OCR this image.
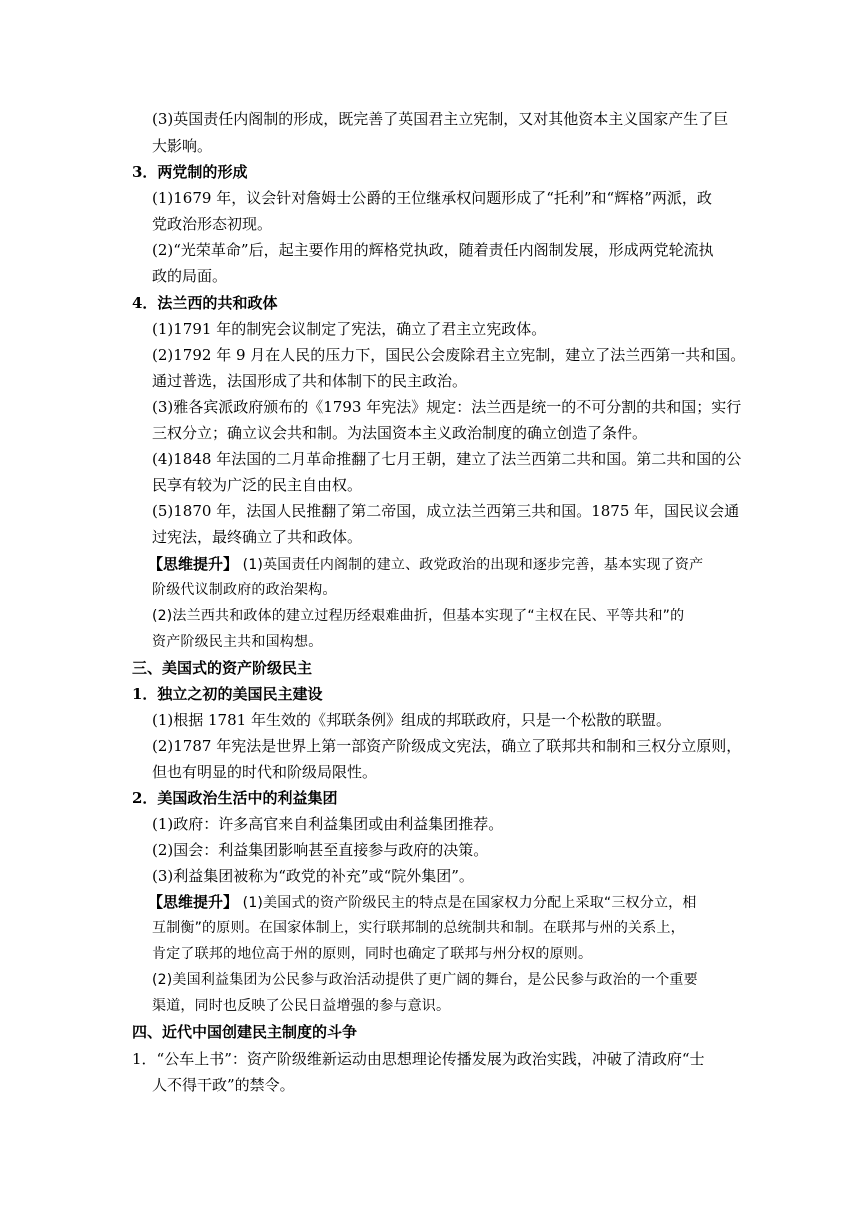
(3)英国责任内阁制的形成，既完善了英国君主立宪制，又对其他资本主义国家产生了巨
大影响。
3．两党制的形成
(1)1679 年，议会针对詹姆士公爵的王位继承权问题形成了“托利”和“辉格”两派，政
党政治形态初现。
(2)“光荣革命”后，起主要作用的辉格党执政，随着责任内阁制发展，形成两党轮流执
政的局面。
4．法兰西的共和政体
(1)1791 年的制宪会议制定了宪法，确立了君主立宪政体。
(2)1792 年 9 月在人民的压力下，国民公会废除君主立宪制，建立了法兰西第一共和国。
通过普选，法国形成了共和体制下的民主政治。
(3)雅各宾派政府颁布的《1793 年宪法》规定：法兰西是统一的不可分割的共和国；实行
三权分立；确立议会共和制。为法国资本主义政治制度的确立创造了条件。
(4)1848 年法国的二月革命推翻了七月王朝，建立了法兰西第二共和国。第二共和国的公
民享有较为广泛的民主自由权。
(5)1870 年，法国人民推翻了第二帝国，成立法兰西第三共和国。1875 年，国民议会通
过宪法，最终确立了共和政体。
【思维提升】 (1)英国责任内阁制的建立、政党政治的出现和逐步完善，基本实现了资产
阶级代议制政府的政治架构。
(2)法兰西共和政体的建立过程历经艰难曲折，但基本实现了“主权在民、平等共和”的
资产阶级民主共和国构想。
三、美国式的资产阶级民主
1．独立之初的美国民主建设
(1)根据 1781 年生效的《邦联条例》组成的邦联政府，只是一个松散的联盟。
(2)1787 年宪法是世界上第一部资产阶级成文宪法，确立了联邦共和制和三权分立原则，
但也有明显的时代和阶级局限性。
2．美国政治生活中的利益集团
(1)政府：许多高官来自利益集团或由利益集团推荐。
(2)国会：利益集团影响甚至直接参与政府的决策。
(3)利益集团被称为“政党的补充”或“院外集团”。
【思维提升】 (1)美国式的资产阶级民主的特点是在国家权力分配上采取“三权分立，相
互制衡”的原则。在国家体制上，实行联邦制的总统制共和制。在联邦与州的关系上，
肯定了联邦的地位高于州的原则，同时也确定了联邦与州分权的原则。
(2)美国利益集团为公民参与政治活动提供了更广阔的舞台，是公民参与政治的一个重要
渠道，同时也反映了公民日益增强的参与意识。
四、近代中国创建民主制度的斗争
1．“公车上书”：资产阶级维新运动由思想理论传播发展为政治实践，冲破了清政府“士
人不得干政”的禁令。
